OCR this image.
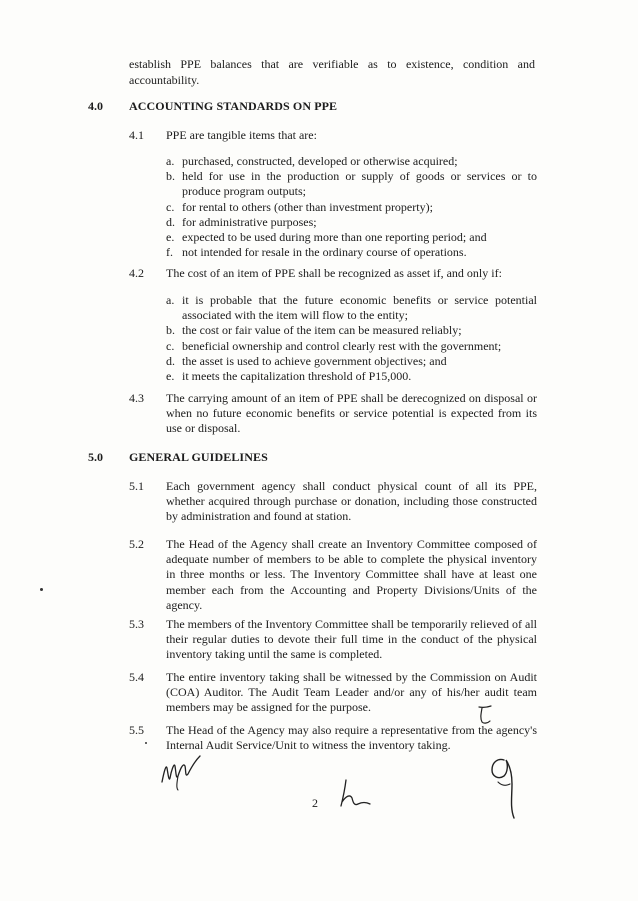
establish PPE balances that are verifiable as to existence, condition and accountability.
4.0 ACCOUNTING STANDARDS ON PPE
4.1 PPE are tangible items that are:
a. purchased, constructed, developed or otherwise acquired;
b. held for use in the production or supply of goods or services or to produce program outputs;
c. for rental to others (other than investment property);
d. for administrative purposes;
e. expected to be used during more than one reporting period; and
f. not intended for resale in the ordinary course of operations.
4.2 The cost of an item of PPE shall be recognized as asset if, and only if:
a. it is probable that the future economic benefits or service potential associated with the item will flow to the entity;
b. the cost or fair value of the item can be measured reliably;
c. beneficial ownership and control clearly rest with the government;
d. the asset is used to achieve government objectives; and
e. it meets the capitalization threshold of P15,000.
4.3 The carrying amount of an item of PPE shall be derecognized on disposal or when no future economic benefits or service potential is expected from its use or disposal.
5.0 GENERAL GUIDELINES
5.1 Each government agency shall conduct physical count of all its PPE, whether acquired through purchase or donation, including those constructed by administration and found at station.
5.2 The Head of the Agency shall create an Inventory Committee composed of adequate number of members to be able to complete the physical inventory in three months or less. The Inventory Committee shall have at least one member each from the Accounting and Property Divisions/Units of the agency.
5.3 The members of the Inventory Committee shall be temporarily relieved of all their regular duties to devote their full time in the conduct of the physical inventory taking until the same is completed.
5.4 The entire inventory taking shall be witnessed by the Commission on Audit (COA) Auditor. The Audit Team Leader and/or any of his/her audit team members may be assigned for the purpose.
5.5 The Head of the Agency may also require a representative from the agency's Internal Audit Service/Unit to witness the inventory taking.
2
